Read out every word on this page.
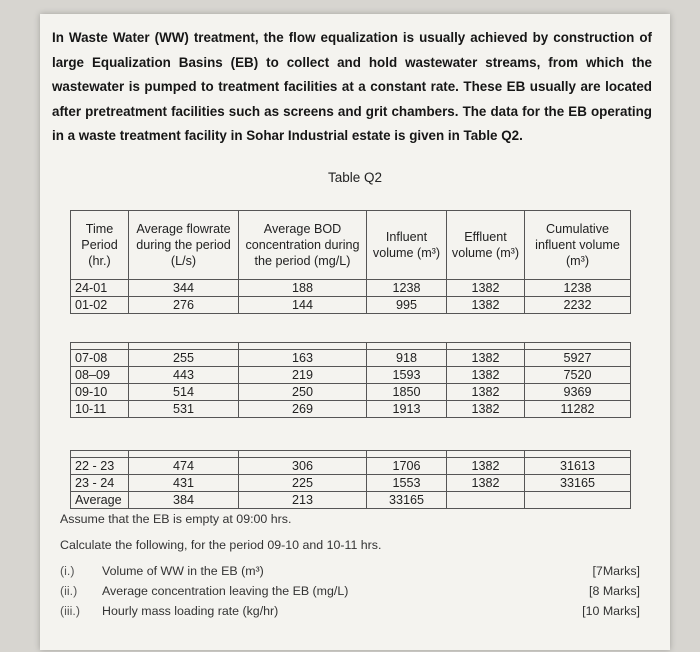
In Waste Water (WW) treatment, the flow equalization is usually achieved by construction of large Equalization Basins (EB) to collect and hold wastewater streams, from which the wastewater is pumped to treatment facilities at a constant rate. These EB usually are located after pretreatment facilities such as screens and grit chambers. The data for the EB operating in a waste treatment facility in Sohar Industrial estate is given in Table Q2.
Table Q2
Time Period (hr.)	Average flowrate during the period (L/s)	Average BOD concentration during the period (mg/L)	Influent volume (m³)	Effluent volume (m³)	Cumulative influent volume (m³)
24-01	344	188	1238	1382	1238
01-02	276	144	995	1382	2232

07-08	255	163	918	1382	5927
08–09	443	219	1593	1382	7520
09-10	514	250	1850	1382	9369
10-11	531	269	1913	1382	11282

22 - 23	474	306	1706	1382	31613
23 - 24	431	225	1553	1382	33165
Average	384	213	33165		

Assume that the EB is empty at 09:00 hrs.

Calculate the following, for the period 09-10 and 10-11 hrs.

(i.) Volume of WW in the EB (m³)	[7Marks]
(ii.) Average concentration leaving the EB (mg/L)	[8 Marks]
(iii.) Hourly mass loading rate (kg/hr)	[10 Marks]
